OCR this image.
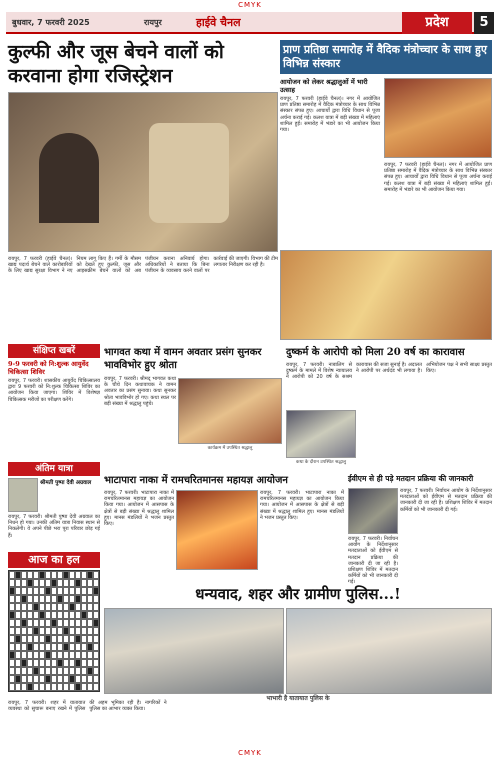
CMYK
बुधवार, 7 फरवरी 2025	रायपुर	हाईवे चैनल	प्रदेश	5
कुल्फी और जूस बेचने वालों को करवाना होगा रजिस्ट्रेशन
रायपुर, 7 फरवरी (हाईवे चैनल)। खाद्य पदार्थ बेचने वाले कारोबारियों के लिए खाद्य सुरक्षा विभाग ने नए नियम लागू किए हैं। गर्मी के मौसम को देखते हुए कुल्फी, जूस और आइसक्रीम बेचने वालों को अब पंजीयन कराना अनिवार्य होगा। अधिकारियों ने बताया कि बिना पंजीयन के व्यवसाय करने वालों पर कार्रवाई की जाएगी। विभाग की टीम लगातार निरीक्षण कर रही है।
प्राण प्रतिष्ठा समारोह में वैदिक मंत्रोच्चार के साथ हुए विभिन्न संस्कार
आयोजन को लेकर श्रद्धालुओं में भारी उत्साह
रायपुर, 7 फरवरी (हाईवे चैनल)। नगर में आयोजित प्राण प्रतिष्ठा समारोह में वैदिक मंत्रोच्चार के साथ विभिन्न संस्कार संपन्न हुए। आचार्यों द्वारा विधि विधान से पूजा अर्चना कराई गई। कलश यात्रा में बड़ी संख्या में महिलाएं शामिल हुईं। समारोह में भंडारे का भी आयोजन किया गया।
रायपुर, 7 फरवरी (हाईवे चैनल)। नगर में आयोजित प्राण प्रतिष्ठा समारोह में वैदिक मंत्रोच्चार के साथ विभिन्न संस्कार संपन्न हुए। आचार्यों द्वारा विधि विधान से पूजा अर्चना कराई गई। कलश यात्रा में बड़ी संख्या में महिलाएं शामिल हुईं। समारोह में भंडारे का भी आयोजन किया गया।
संक्षिप्त खबरें
9-9 फरवरी को नि:शुल्क आयुर्वेद चिकित्सा शिविर
रायपुर, 7 फरवरी। शासकीय आयुर्वेद चिकित्सालय द्वारा 9 फरवरी को नि:शुल्क चिकित्सा शिविर का आयोजन किया जाएगा। शिविर में विशेषज्ञ चिकित्सक मरीजों का परीक्षण करेंगे।
अंतिम यात्रा
श्रीमती पुष्पा देवी अग्रवाल
रायपुर, 7 फरवरी। श्रीमती पुष्पा देवी अग्रवाल का निधन हो गया। उनकी अंतिम यात्रा निवास स्थान से निकलेगी। वे अपने पीछे भरा पूरा परिवार छोड़ गई हैं।
आज का हल
भागवत कथा में वामन अवतार प्रसंग सुनकर भावविभोर हुए श्रोता
रायपुर, 7 फरवरी। श्रीमद् भागवत कथा के चौथे दिन कथावाचक ने वामन अवतार का प्रसंग सुनाया। कथा सुनकर श्रोता भावविभोर हो गए। कथा स्थल पर बड़ी संख्या में श्रद्धालु पहुंचे।
कार्यक्रम में उपस्थित श्रद्धालु
दुष्कर्म के आरोपी को मिला 20 वर्ष का कारावास
रायपुर, 7 फरवरी। नाबालिग से दुष्कर्म के मामले में विशेष न्यायालय ने आरोपी को 20 वर्ष के सश्रम कारावास की सजा सुनाई है। अदालत ने आरोपी पर अर्थदंड भी लगाया है। अभियोजन पक्ष ने सभी साक्ष्य प्रस्तुत किए।
कथा के दौरान उपस्थित श्रद्धालु
भाटापारा नाका में रामचरितमानस महायज्ञ आयोजन
रायपुर, 7 फरवरी। भाटापारा नाका में रामचरितमानस महायज्ञ का आयोजन किया गया। आयोजन में आसपास के क्षेत्रों से बड़ी संख्या में श्रद्धालु शामिल हुए। मानस मंडलियों ने भजन प्रस्तुत किए।
रायपुर, 7 फरवरी। भाटापारा नाका में रामचरितमानस महायज्ञ का आयोजन किया गया। आयोजन में आसपास के क्षेत्रों से बड़ी संख्या में श्रद्धालु शामिल हुए। मानस मंडलियों ने भजन प्रस्तुत किए।
ईवीएम से ही पड़े मतदान प्रक्रिया की जानकारी
रायपुर, 7 फरवरी। निर्वाचन आयोग के निर्देशानुसार मतदाताओं को ईवीएम से मतदान प्रक्रिया की जानकारी दी जा रही है। प्रशिक्षण शिविर में मतदान कर्मियों को भी जानकारी दी गई।
रायपुर, 7 फरवरी। निर्वाचन आयोग के निर्देशानुसार मतदाताओं को ईवीएम से मतदान प्रक्रिया की जानकारी दी जा रही है। प्रशिक्षण शिविर में मतदान कर्मियों को भी जानकारी दी गई।
धन्यवाद, शहर और ग्रामीण पुलिस...!
भाभारी है यातायात पुलिस के
रायपुर, 7 फरवरी। शहर में यातायात व्यवस्था को सुचारू बनाए रखने में पुलिस की अहम भूमिका रही है। नागरिकों ने पुलिस का आभार व्यक्त किया।
CMYK
